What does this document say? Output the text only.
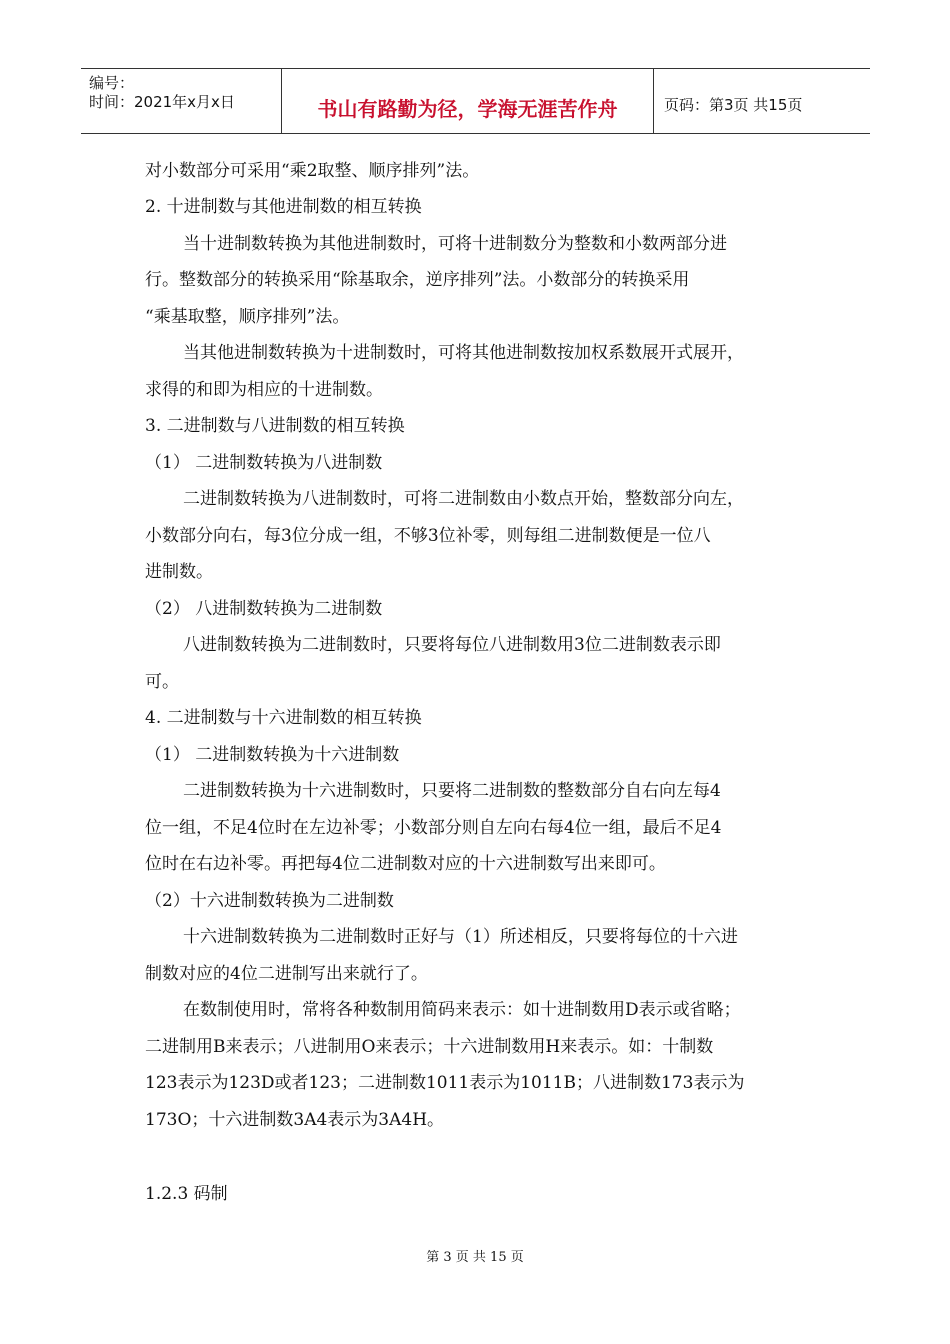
编号：
时间：2021年x月x日	书山有路勤为径，学海无涯苦作舟	页码：第3页 共15页
对小数部分可采用“乘2取整、顺序排列”法。
2. 十进制数与其他进制数的相互转换
当十进制数转换为其他进制数时，可将十进制数分为整数和小数两部分进
行。整数部分的转换采用“除基取余，逆序排列”法。小数部分的转换采用
“乘基取整，顺序排列”法。
当其他进制数转换为十进制数时，可将其他进制数按加权系数展开式展开，
求得的和即为相应的十进制数。
3. 二进制数与八进制数的相互转换
（1） 二进制数转换为八进制数
二进制数转换为八进制数时，可将二进制数由小数点开始，整数部分向左，
小数部分向右，每3位分成一组，不够3位补零，则每组二进制数便是一位八
进制数。
（2） 八进制数转换为二进制数
八进制数转换为二进制数时，只要将每位八进制数用3位二进制数表示即
可。
4. 二进制数与十六进制数的相互转换
（1） 二进制数转换为十六进制数
二进制数转换为十六进制数时，只要将二进制数的整数部分自右向左每4
位一组，不足4位时在左边补零；小数部分则自左向右每4位一组，最后不足4
位时在右边补零。再把每4位二进制数对应的十六进制数写出来即可。
（2）十六进制数转换为二进制数
十六进制数转换为二进制数时正好与（1）所述相反，只要将每位的十六进
制数对应的4位二进制写出来就行了。
在数制使用时，常将各种数制用简码来表示：如十进制数用D表示或省略；
二进制用B来表示；八进制用O来表示；十六进制数用H来表示。如：十制数
123表示为123D或者123；二进制数1011表示为1011B；八进制数173表示为
173O；十六进制数3A4表示为3A4H。
1.2.3 码制
第 3 页 共 15 页
